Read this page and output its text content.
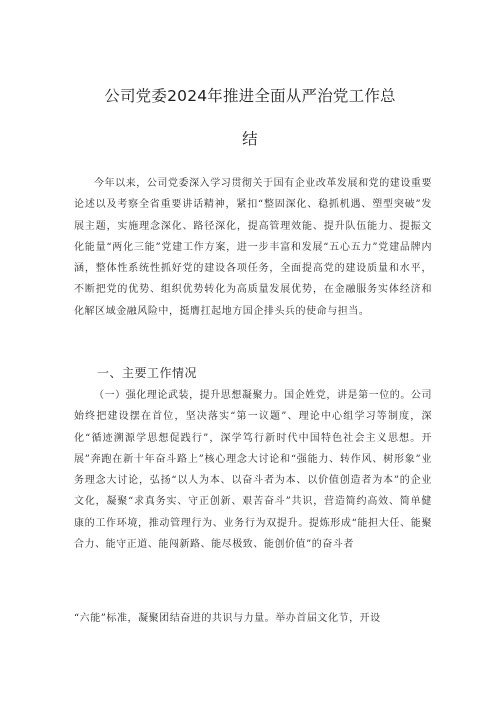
公司党委2024年推进全面从严治党工作总
结

今年以来，公司党委深入学习贯彻关于国有企业改革发展和党的建设重要论述以及考察全省重要讲话精神，紧扣“整固深化、稳抓机遇、塑型突破”发展主题，实施理念深化、路径深化，提高管理效能、提升队伍能力、提振文化能量“两化三能”党建工作方案，进一步丰富和发展“五心五力”党建品牌内涵，整体性系统性抓好党的建设各项任务，全面提高党的建设质量和水平，不断把党的优势、组织优势转化为高质量发展优势，在金融服务实体经济和化解区域金融风险中，挺膺扛起地方国企排头兵的使命与担当。

一、主要工作情况

（一）强化理论武装，提升思想凝聚力。国企姓党，讲是第一位的。公司始终把建设摆在首位，坚决落实“第一议题”、理论中心组学习等制度，深化“循迹溯源学思想促践行”，深学笃行新时代中国特色社会主义思想。开展”奔跑在新十年奋斗路上”核心理念大讨论和“强能力、转作风、树形象”业务理念大讨论，弘扬“以人为本、以奋斗者为本、以价值创造者为本”的企业文化，凝聚“求真务实、守正创新、艰苦奋斗”共识，营造简约高效、简单健康的工作环境，推动管理行为、业务行为双提升。提炼形成“能担大任、能聚合力、能守正道、能闯新路、能尽极致、能创价值”的奋斗者

“六能”标准，凝聚团结奋进的共识与力量。举办首届文化节，开设
